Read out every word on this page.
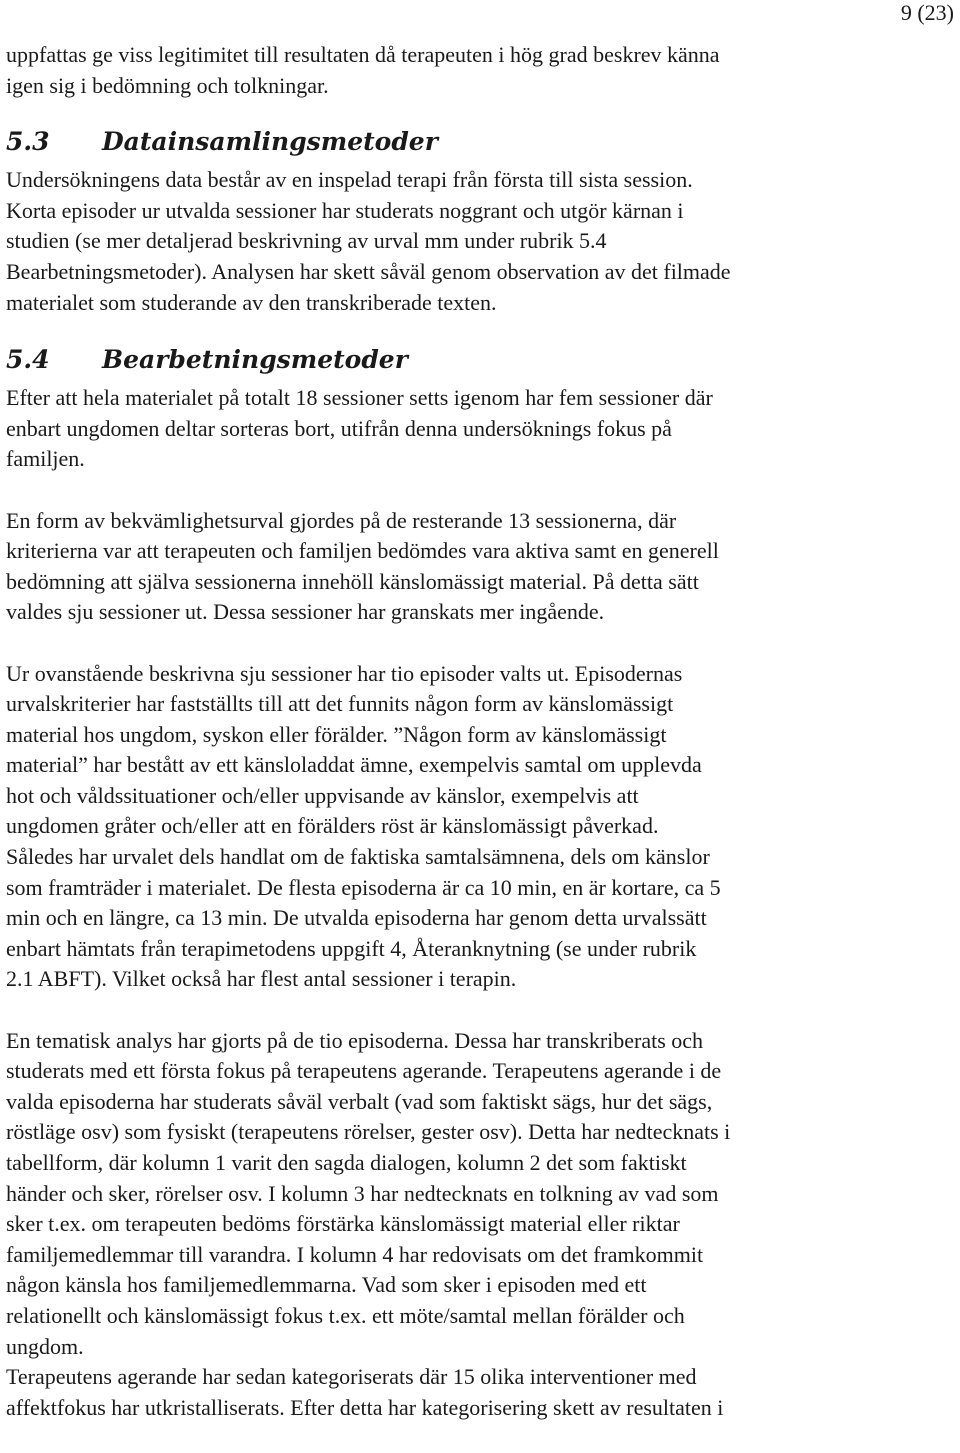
9 (23)

uppfattas ge viss legitimitet till resultaten då terapeuten i hög grad beskrev känna

igen sig i bedömning och tolkningar.

5.3	Datainsamlingsmetoder

Undersökningens data består av en inspelad terapi från första till sista session.

Korta episoder ur utvalda sessioner har studerats noggrant och utgör kärnan i

studien (se mer detaljerad beskrivning av urval mm under rubrik 5.4

Bearbetningsmetoder). Analysen har skett såväl genom observation av det filmade

materialet som studerande av den transkriberade texten.

5.4	Bearbetningsmetoder

Efter att hela materialet på totalt 18 sessioner setts igenom har fem sessioner där

enbart ungdomen deltar sorteras bort, utifrån denna undersöknings fokus på

familjen.

En form av bekvämlighetsurval gjordes på de resterande 13 sessionerna, där

kriterierna var att terapeuten och familjen bedömdes vara aktiva samt en generell

bedömning att själva sessionerna innehöll känslomässigt material. På detta sätt

valdes sju sessioner ut. Dessa sessioner har granskats mer ingående.

Ur ovanstående beskrivna sju sessioner har tio episoder valts ut. Episodernas

urvalskriterier har fastställts till att det funnits någon form av känslomässigt

material hos ungdom, syskon eller förälder. ”Någon form av känslomässigt

material” har bestått av ett känsloladdat ämne, exempelvis samtal om upplevda

hot och våldssituationer och/eller uppvisande av känslor, exempelvis att

ungdomen gråter och/eller att en förälders röst är känslomässigt påverkad.

Således har urvalet dels handlat om de faktiska samtalsämnena, dels om känslor

som framträder i materialet. De flesta episoderna är ca 10 min, en är kortare, ca 5

min och en längre, ca 13 min. De utvalda episoderna har genom detta urvalssätt

enbart hämtats från terapimetodens uppgift 4, Återanknytning (se under rubrik

2.1 ABFT). Vilket också har flest antal sessioner i terapin.

En tematisk analys har gjorts på de tio episoderna. Dessa har transkriberats och

studerats med ett första fokus på terapeutens agerande. Terapeutens agerande i de

valda episoderna har studerats såväl verbalt (vad som faktiskt sägs, hur det sägs,

röstläge osv) som fysiskt (terapeutens rörelser, gester osv). Detta har nedtecknats i

tabellform, där kolumn 1 varit den sagda dialogen, kolumn 2 det som faktiskt

händer och sker, rörelser osv. I kolumn 3 har nedtecknats en tolkning av vad som

sker t.ex. om terapeuten bedöms förstärka känslomässigt material eller riktar

familjemedlemmar till varandra. I kolumn 4 har redovisats om det framkommit

någon känsla hos familjemedlemmarna. Vad som sker i episoden med ett

relationellt och känslomässigt fokus t.ex. ett möte/samtal mellan förälder och

ungdom.

Terapeutens agerande har sedan kategoriserats där 15 olika interventioner med

affektfokus har utkristalliserats. Efter detta har kategorisering skett av resultaten i
